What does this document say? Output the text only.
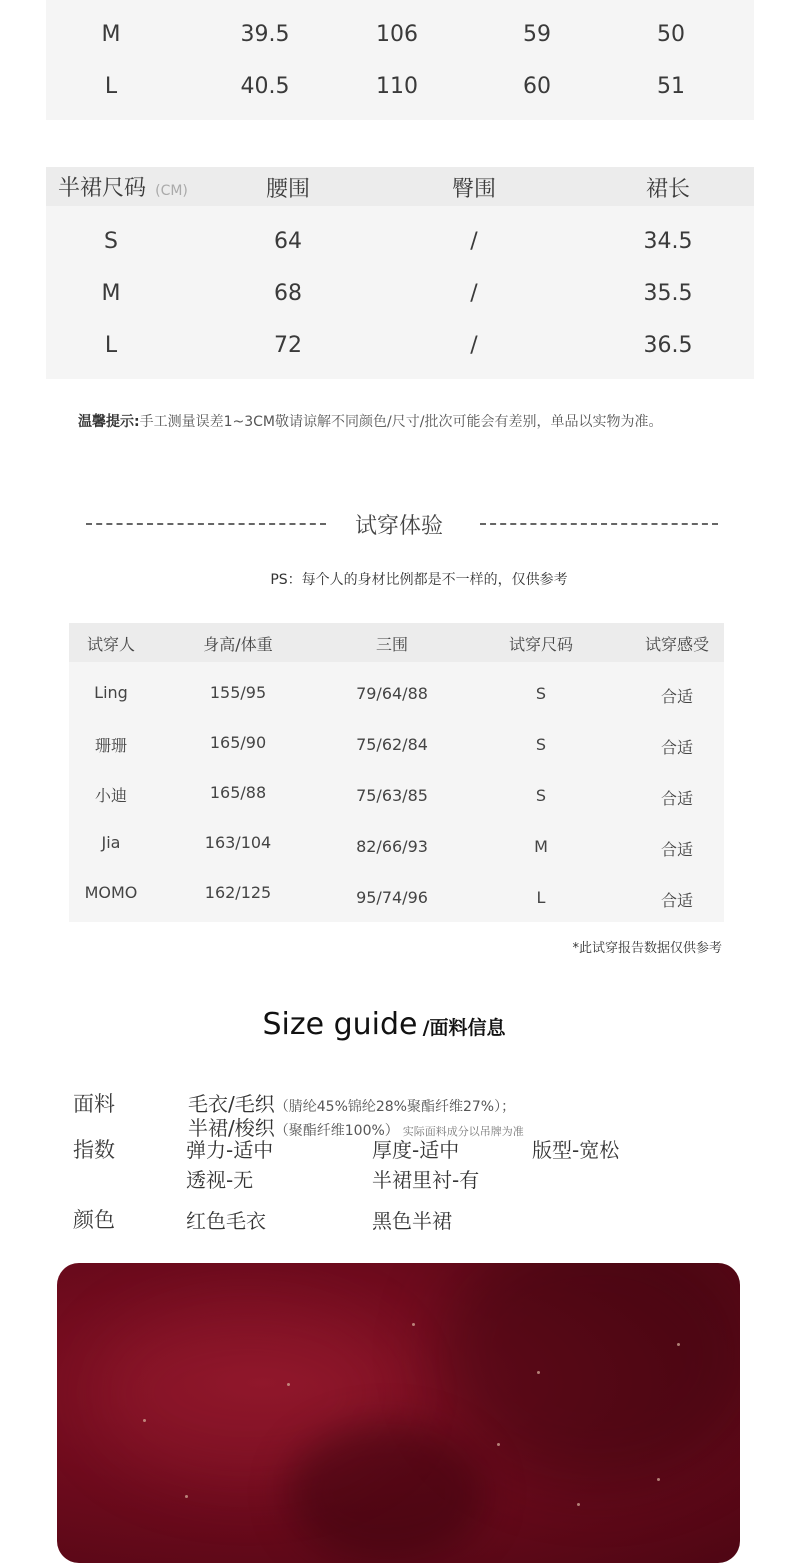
M	39.5	106	59	50
L	40.5	110	60	51
半裙尺码 (CM)	腰围	臀围	裙长
S	64	/	34.5
M	68	/	35.5
L	72	/	36.5
温馨提示:手工测量误差1~3CM敬请谅解不同颜色/尺寸/批次可能会有差别，单品以实物为准。
试穿体验
PS：每个人的身材比例都是不一样的，仅供参考
试穿人	身高/体重	三围	试穿尺码	试穿感受
Ling	155/95	79/64/88	S	合适
珊珊	165/90	75/62/84	S	合适
小迪	165/88	75/63/85	S	合适
Jia	163/104	82/66/93	M	合适
MOMO	162/125	95/74/96	L	合适
*此试穿报告数据仅供参考
Size guide /面料信息
面料	毛衣/毛织（腈纶45%锦纶28%聚酯纤维27%）；
半裙/梭织（聚酯纤维100%） 实际面料成分以吊牌为准
指数	弹力-适中	厚度-适中	版型-宽松
透视-无	半裙里衬-有
颜色	红色毛衣	黑色半裙
